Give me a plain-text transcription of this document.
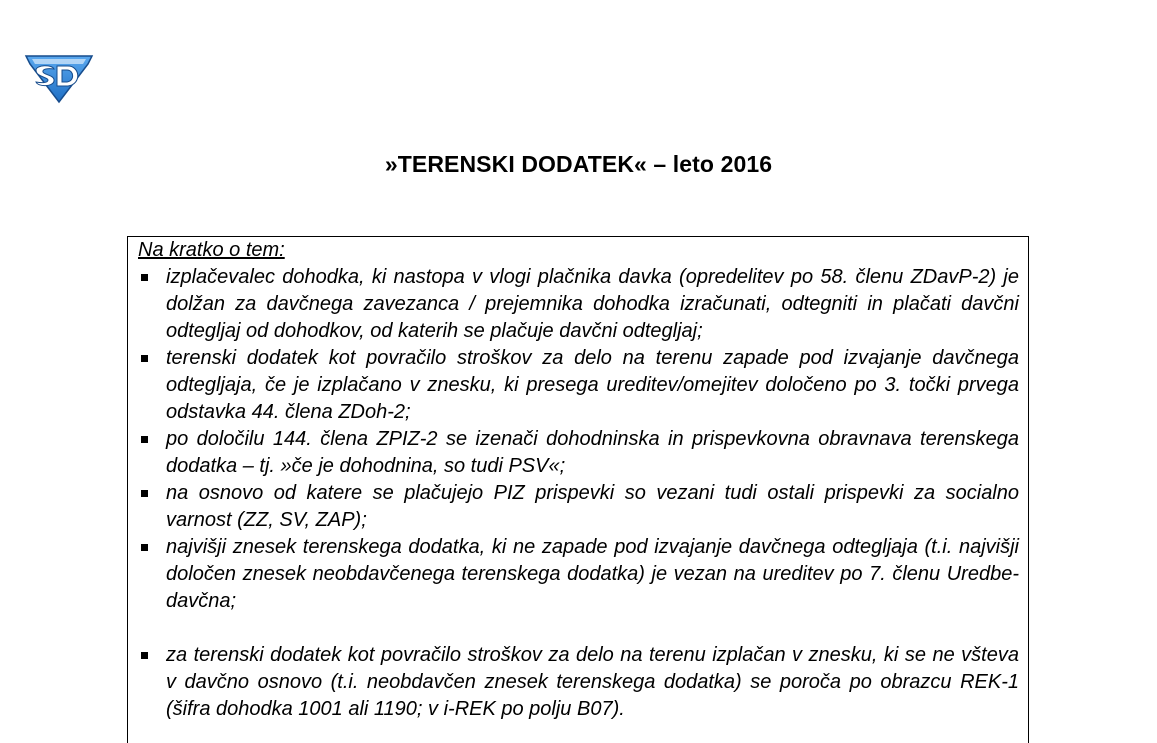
»TERENSKI DODATEK« – leto 2016

Na kratko o tem:

izplačevalec dohodka, ki nastopa v vlogi plačnika davka (opredelitev po 58. členu ZDavP-2) je dolžan za davčnega zavezanca / prejemnika dohodka izračunati, odtegniti in plačati davčni odtegljaj od dohodkov, od katerih se plačuje davčni odtegljaj;
terenski dodatek kot povračilo stroškov za delo na terenu zapade pod izvajanje davčnega odtegljaja, če je izplačano v znesku, ki presega ureditev/omejitev določeno po 3. točki prvega odstavka 44. člena ZDoh-2;
po določilu 144. člena ZPIZ-2 se izenači dohodninska in prispevkovna obravnava terenskega dodatka – tj. »če je dohodnina, so tudi PSV«;
na osnovo od katere se plačujejo PIZ prispevki so vezani tudi ostali prispevki za socialno varnost (ZZ, SV, ZAP);
najvišji znesek terenskega dodatka, ki ne zapade pod izvajanje davčnega odtegljaja (t.i. najvišji določen znesek neobdavčenega terenskega dodatka) je vezan na ureditev po 7. členu Uredbe-davčna;
za terenski dodatek kot povračilo stroškov za delo na terenu izplačan v znesku, ki se ne všteva v davčno osnovo (t.i. neobdavčen znesek terenskega dodatka) se poroča po obrazcu REK-1 (šifra dohodka 1001 ali 1190; v i-REK po polju B07).
